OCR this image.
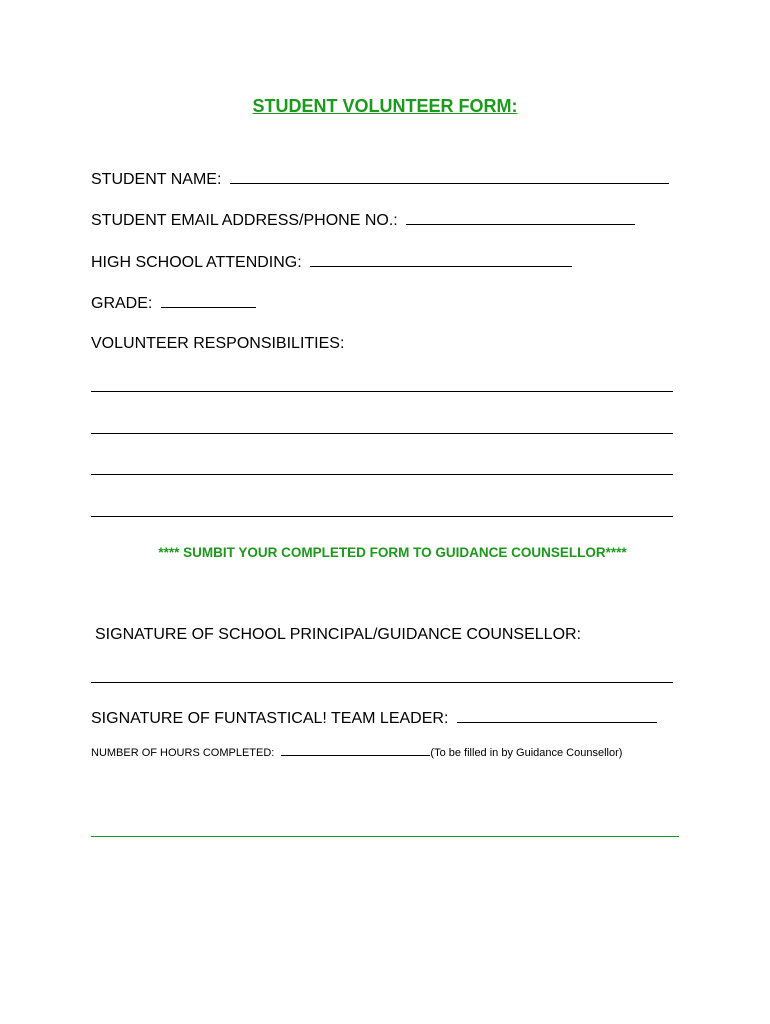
STUDENT VOLUNTEER FORM:
STUDENT NAME:
STUDENT EMAIL ADDRESS/PHONE NO.:
HIGH SCHOOL ATTENDING:
GRADE:
VOLUNTEER RESPONSIBILITIES:
**** SUMBIT YOUR COMPLETED FORM TO GUIDANCE COUNSELLOR****
SIGNATURE OF SCHOOL PRINCIPAL/GUIDANCE COUNSELLOR:
SIGNATURE OF FUNTASTICAL! TEAM LEADER:
NUMBER OF HOURS COMPLETED:	(To be filled in by Guidance Counsellor)
